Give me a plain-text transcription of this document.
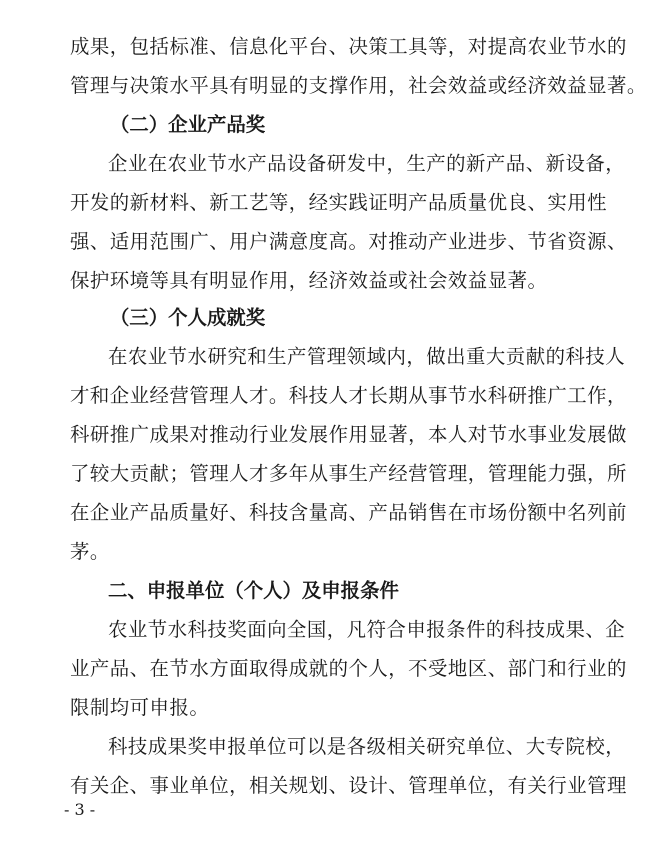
成果，包括标准、信息化平台、决策工具等，对提高农业节水的
管理与决策水平具有明显的支撑作用，社会效益或经济效益显著。
（二）企业产品奖
企业在农业节水产品设备研发中，生产的新产品、新设备，
开发的新材料、新工艺等，经实践证明产品质量优良、实用性
强、适用范围广、用户满意度高。对推动产业进步、节省资源、
保护环境等具有明显作用，经济效益或社会效益显著。
（三）个人成就奖
在农业节水研究和生产管理领域内，做出重大贡献的科技人
才和企业经营管理人才。科技人才长期从事节水科研推广工作，
科研推广成果对推动行业发展作用显著，本人对节水事业发展做
了较大贡献；管理人才多年从事生产经营管理，管理能力强，所
在企业产品质量好、科技含量高、产品销售在市场份额中名列前
茅。
二、申报单位（个人）及申报条件
农业节水科技奖面向全国，凡符合申报条件的科技成果、企
业产品、在节水方面取得成就的个人，不受地区、部门和行业的
限制均可申报。
科技成果奖申报单位可以是各级相关研究单位、大专院校，
有关企、事业单位，相关规划、设计、管理单位，有关行业管理
- 3 -
